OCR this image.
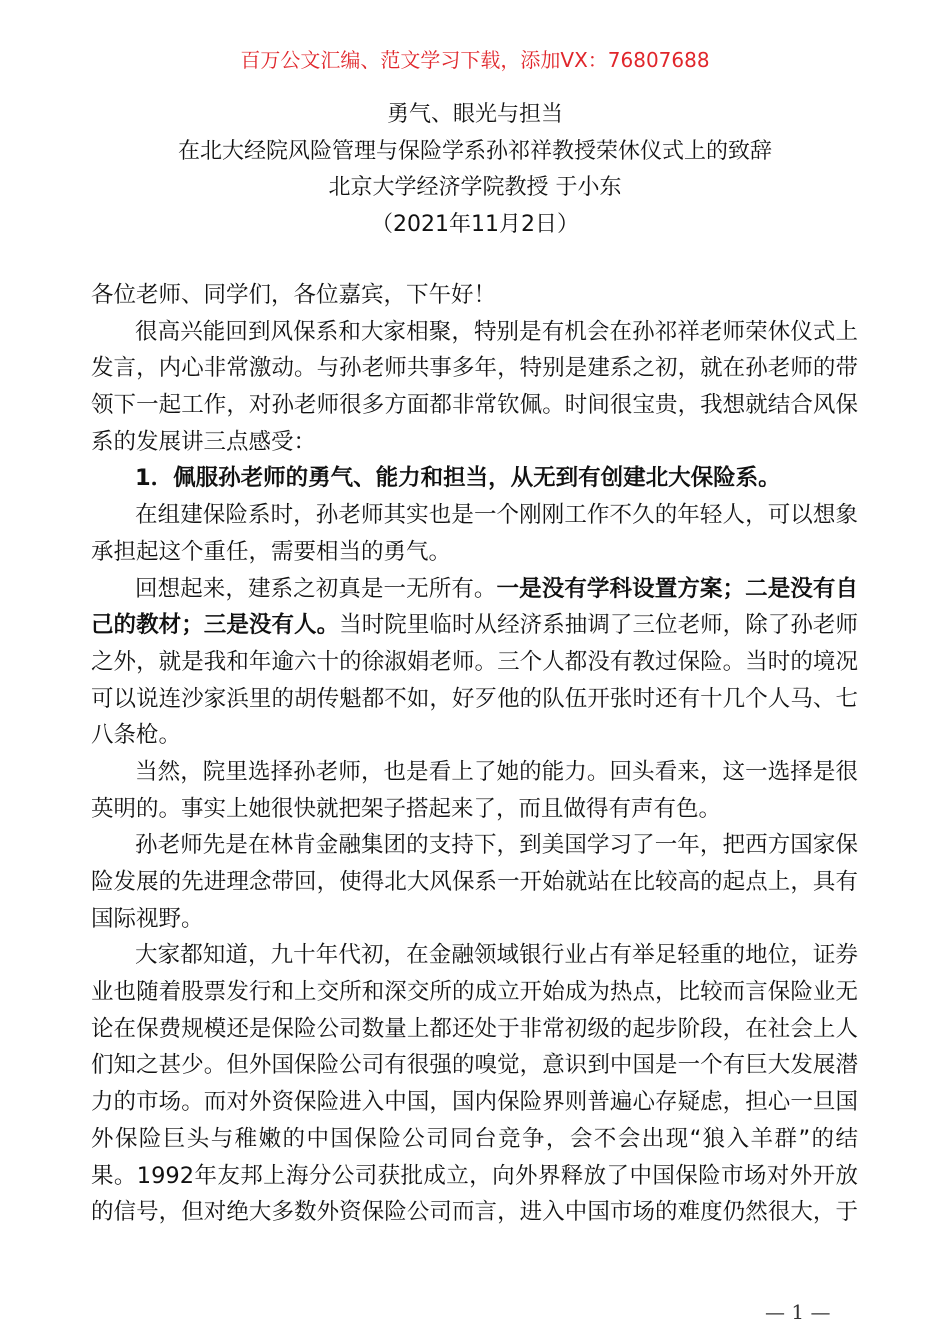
百万公文汇编、范文学习下载，添加VX：76807688
勇气、眼光与担当
在北大经院风险管理与保险学系孙祁祥教授荣休仪式上的致辞
北京大学经济学院教授 于小东
（2021年11月2日）
各位老师、同学们，各位嘉宾，下午好！
很高兴能回到风保系和大家相聚，特别是有机会在孙祁祥老师荣休仪式上
发言，内心非常激动。与孙老师共事多年，特别是建系之初，就在孙老师的带
领下一起工作，对孙老师很多方面都非常钦佩。时间很宝贵，我想就结合风保
系的发展讲三点感受：
1．佩服孙老师的勇气、能力和担当，从无到有创建北大保险系。
在组建保险系时，孙老师其实也是一个刚刚工作不久的年轻人，可以想象
承担起这个重任，需要相当的勇气。
回想起来，建系之初真是一无所有。一是没有学科设置方案；二是没有自
己的教材；三是没有人。当时院里临时从经济系抽调了三位老师，除了孙老师
之外，就是我和年逾六十的徐淑娟老师。三个人都没有教过保险。当时的境况
可以说连沙家浜里的胡传魁都不如，好歹他的队伍开张时还有十几个人马、七
八条枪。
当然，院里选择孙老师，也是看上了她的能力。回头看来，这一选择是很
英明的。事实上她很快就把架子搭起来了，而且做得有声有色。
孙老师先是在林肯金融集团的支持下，到美国学习了一年，把西方国家保
险发展的先进理念带回，使得北大风保系一开始就站在比较高的起点上，具有
国际视野。
大家都知道，九十年代初，在金融领域银行业占有举足轻重的地位，证券
业也随着股票发行和上交所和深交所的成立开始成为热点，比较而言保险业无
论在保费规模还是保险公司数量上都还处于非常初级的起步阶段，在社会上人
们知之甚少。但外国保险公司有很强的嗅觉，意识到中国是一个有巨大发展潜
力的市场。而对外资保险进入中国，国内保险界则普遍心存疑虑，担心一旦国
外保险巨头与稚嫩的中国保险公司同台竞争，会不会出现“狼入羊群”的结
果。1992年友邦上海分公司获批成立，向外界释放了中国保险市场对外开放
的信号，但对绝大多数外资保险公司而言，进入中国市场的难度仍然很大，于
— 1 —
